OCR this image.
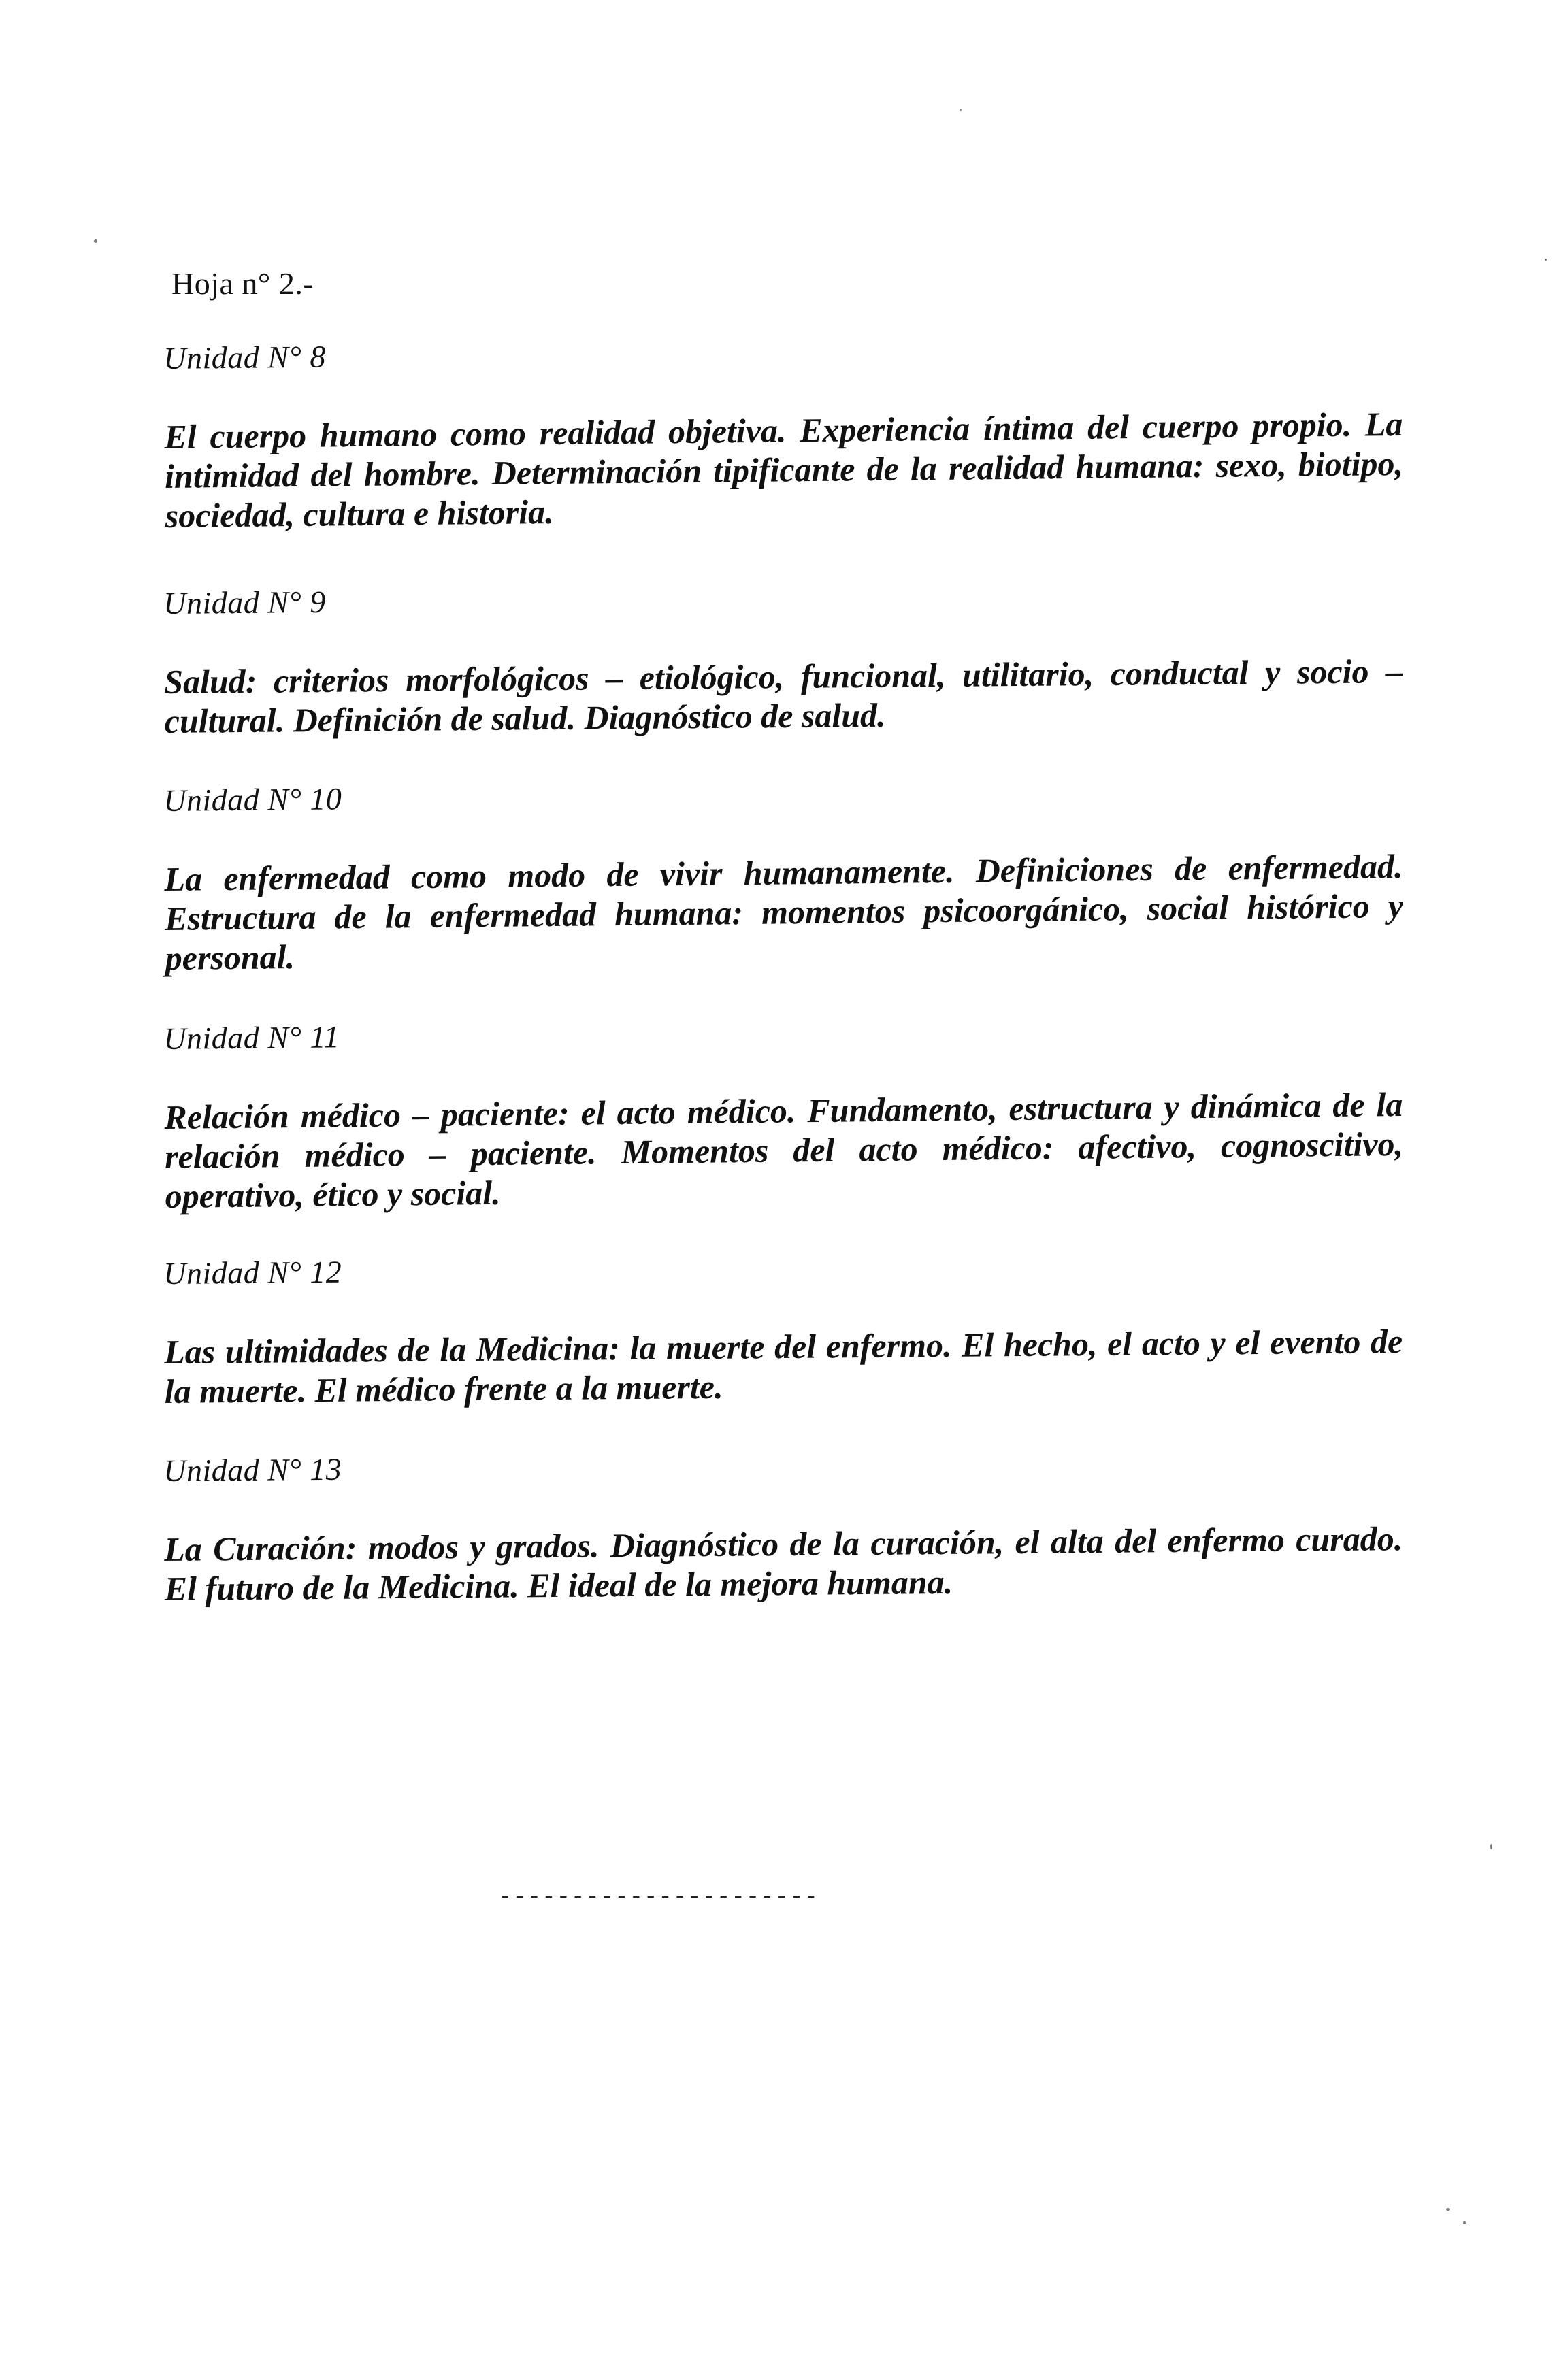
Hoja n° 2.-
Unidad N° 8

El cuerpo humano como realidad objetiva. Experiencia íntima del cuerpo propio. La intimidad del hombre. Determinación tipificante de la realidad humana: sexo, biotipo, sociedad, cultura e historia.

Unidad N° 9

Salud: criterios morfológicos – etiológico, funcional, utilitario, conductal y socio – cultural. Definición de salud. Diagnóstico de salud.

Unidad N° 10

La enfermedad como modo de vivir humanamente. Definiciones de enfermedad. Estructura de la enfermedad humana: momentos psicoorgánico, social histórico y personal.

Unidad N° 11

Relación médico – paciente: el acto médico. Fundamento, estructura y dinámica de la relación médico – paciente. Momentos del acto médico: afectivo, cognoscitivo, operativo, ético y social.

Unidad N° 12

Las ultimidades de la Medicina: la muerte del enfermo. El hecho, el acto y el evento de la muerte. El médico frente a la muerte.

Unidad N° 13

La Curación: modos y grados. Diagnóstico de la curación, el alta del enfermo curado. El futuro de la Medicina. El ideal de la mejora humana.

----------------------
